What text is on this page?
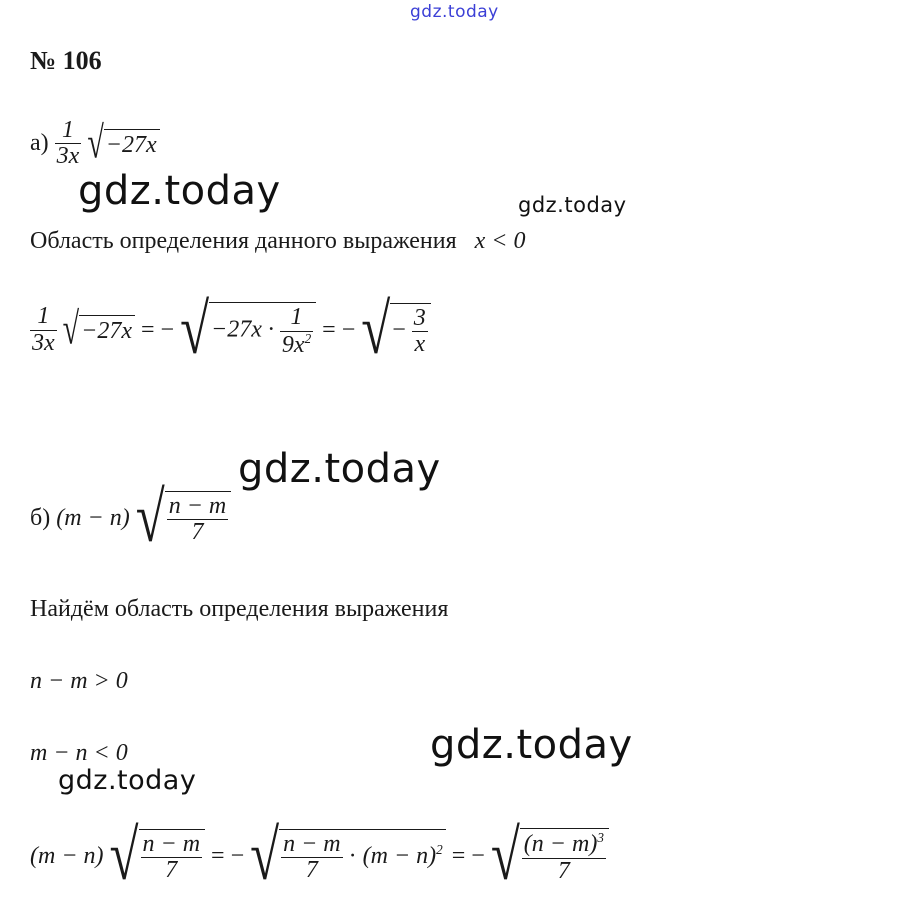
gdz.today
gdz.today	gdz.today
gdz.today
gdz.today
gdz.today
№ 106
$а) \frac{1}{3x} √-27x$
Область определения данного выражения x < 0
$\frac{1}{3x} √-27x$ = − $√-27x \cdot \frac{1}{9x^2}$ = − √− $\frac{3}{x}$
б) (m − n) √ $\frac{n - m}{7}$
Найдём область определения выражения
n − m > 0
m − n < 0
(m − n) √ $\frac{n - m}{7}$ = − √ $\frac{n - m}{7} \cdot (m - n)^2$ = − √ $\frac{(n - m)^3}{7}$
